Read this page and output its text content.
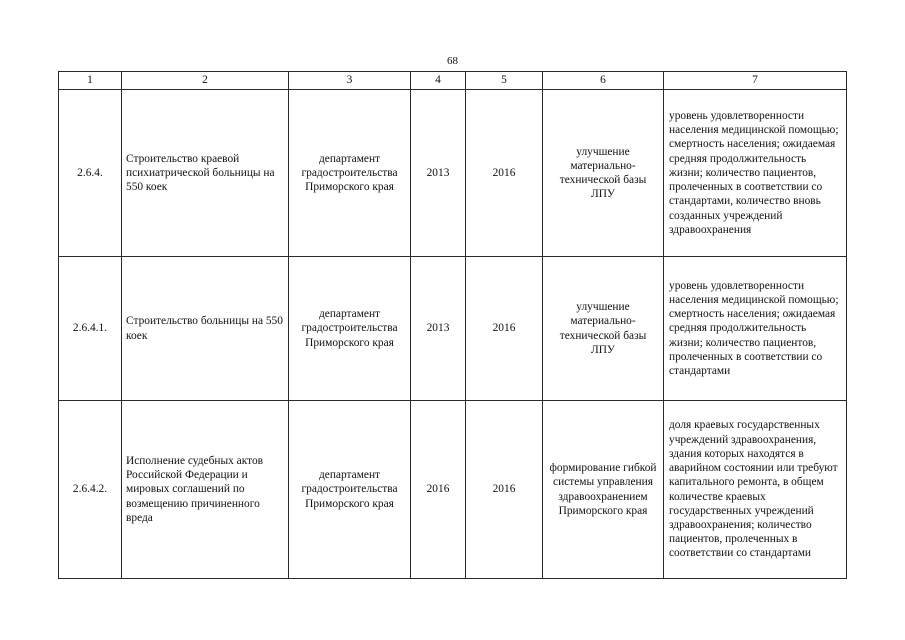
68
1	2	3	4	5	6	7
2.6.4.	Строительство краевой психиатрической больницы на 550 коек	департамент градостроительства Приморского края	2013	2016	улучшение материально-технической базы ЛПУ	уровень удовлетворенности населения медицинской помощью; смертность населения; ожидаемая средняя продолжительность жизни; количество пациентов, пролеченных в соответствии со стандартами, количество вновь созданных учреждений здравоохранения
2.6.4.1.	Строительство больницы на 550 коек	департамент градостроительства Приморского края	2013	2016	улучшение материально-технической базы ЛПУ	уровень удовлетворенности населения медицинской помощью; смертность населения; ожидаемая средняя продолжительность жизни; количество пациентов, пролеченных в соответствии со стандартами
2.6.4.2.	Исполнение судебных актов Российской Федерации и мировых соглашений по возмещению причиненного вреда	департамент градостроительства Приморского края	2016	2016	формирование гибкой системы управления здравоохранением Приморского края	доля краевых государственных учреждений здравоохранения, здания которых находятся в аварийном состоянии или требуют капитального ремонта, в общем количестве краевых государственных учреждений здравоохранения; количество пациентов, пролеченных в соответствии со стандартами
